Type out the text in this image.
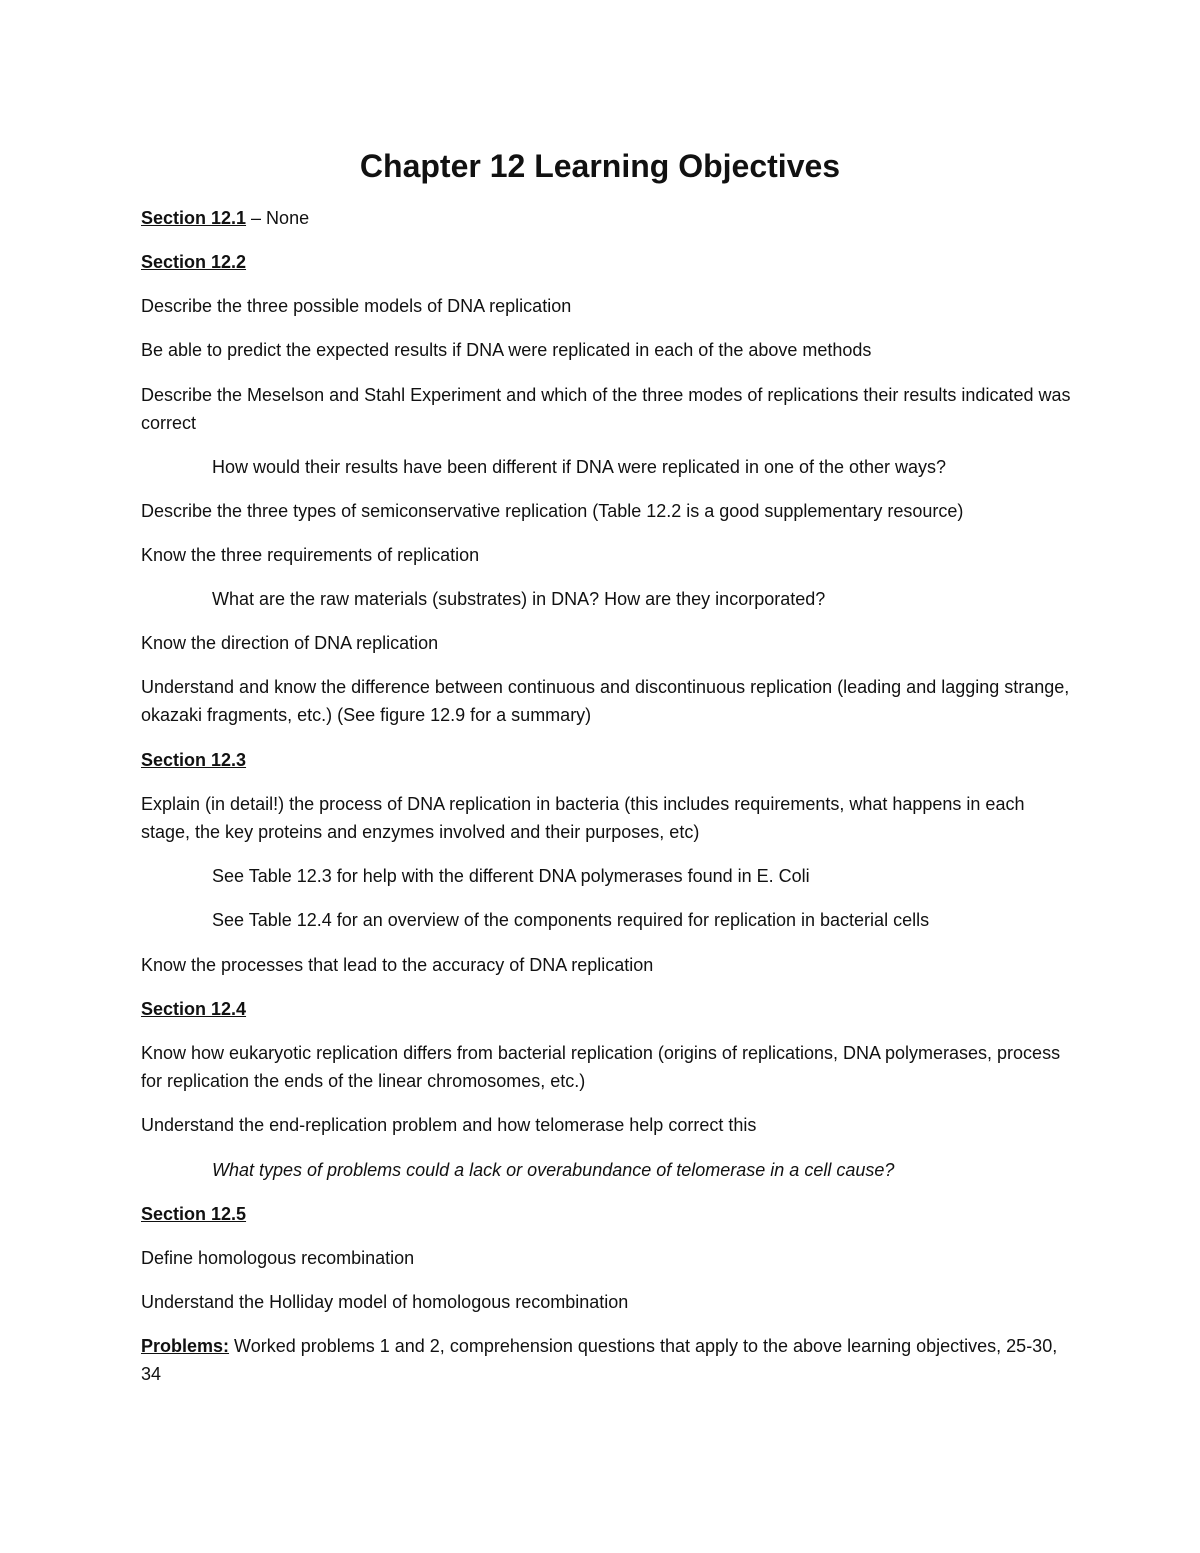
Chapter 12 Learning Objectives
Section 12.1 – None
Section 12.2
Describe the three possible models of DNA replication
Be able to predict the expected results if DNA were replicated in each of the above methods
Describe the Meselson and Stahl Experiment and which of the three modes of replications their results indicated was correct
How would their results have been different if DNA were replicated in one of the other ways?
Describe the three types of semiconservative replication (Table 12.2 is a good supplementary resource)
Know the three requirements of replication
What are the raw materials (substrates) in DNA? How are they incorporated?
Know the direction of DNA replication
Understand and know the difference between continuous and discontinuous replication (leading and lagging strange, okazaki fragments, etc.) (See figure 12.9 for a summary)
Section 12.3
Explain (in detail!) the process of DNA replication in bacteria (this includes requirements, what happens in each stage, the key proteins and enzymes involved and their purposes, etc)
See Table 12.3 for help with the different DNA polymerases found in E. Coli
See Table 12.4 for an overview of the components required for replication in bacterial cells
Know the processes that lead to the accuracy of DNA replication
Section 12.4
Know how eukaryotic replication differs from bacterial replication (origins of replications, DNA polymerases, process for replication the ends of the linear chromosomes, etc.)
Understand the end-replication problem and how telomerase help correct this
What types of problems could a lack or overabundance of telomerase in a cell cause?
Section 12.5
Define homologous recombination
Understand the Holliday model of homologous recombination
Problems: Worked problems 1 and 2, comprehension questions that apply to the above learning objectives, 25-30, 34
